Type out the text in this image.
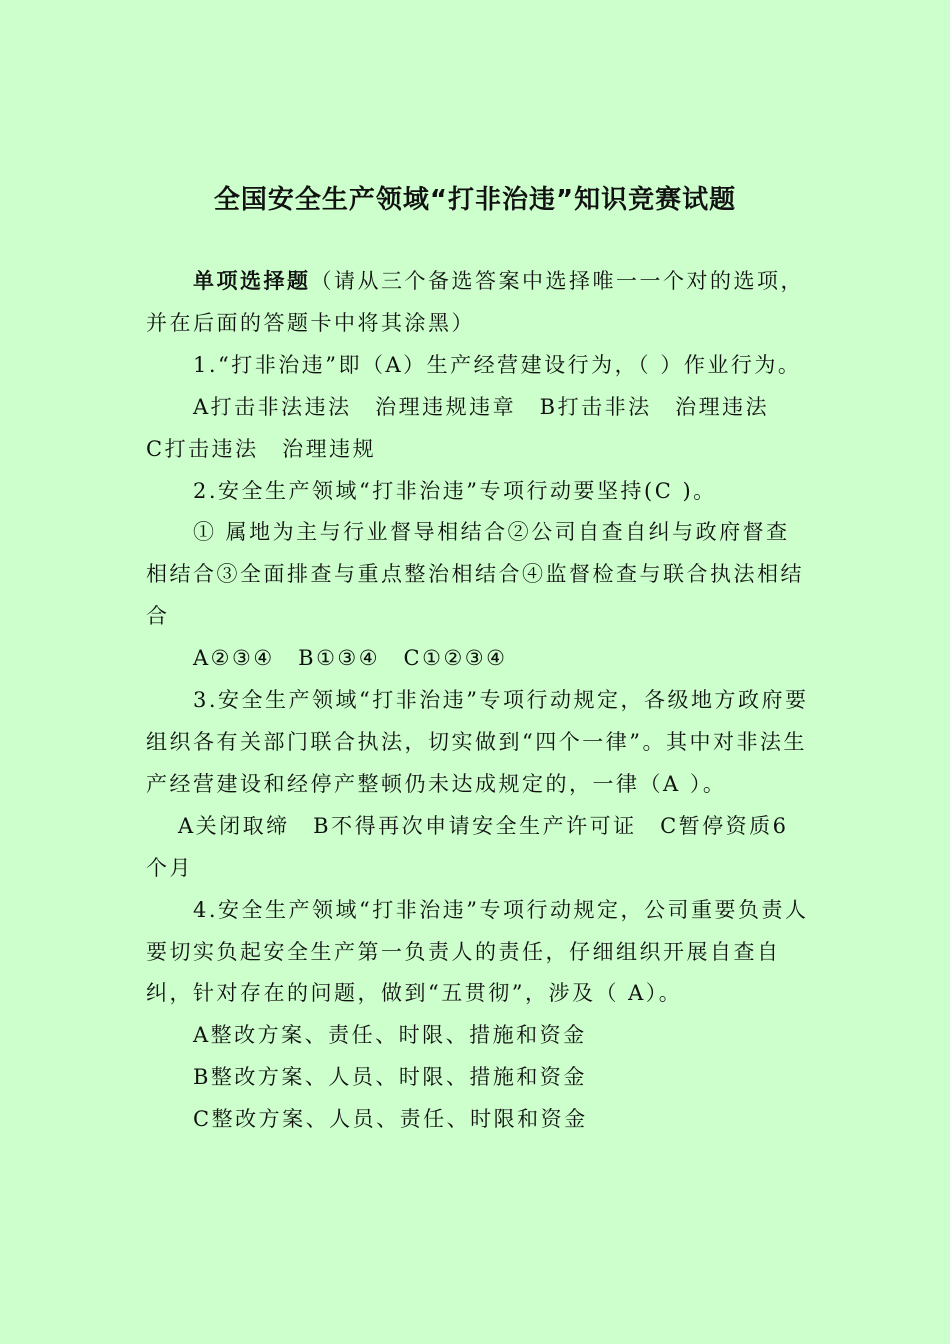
全国安全生产领域“打非治违”知识竞赛试题

单项选择题（请从三个备选答案中选择唯一一个对的选项，并在后面的答题卡中将其涂黑）

1.“打非治违”即（A）生产经营建设行为，（ ）作业行为。

A打击非法违法　治理违规违章　B打击非法　治理违法

C打击违法　治理违规

2.安全生产领域“打非治违”专项行动要坚持(C )。

① 属地为主与行业督导相结合②公司自查自纠与政府督查相结合③全面排查与重点整治相结合④监督检查与联合执法相结合

A②③④　B①③④　C①②③④

3.安全生产领域“打非治违”专项行动规定，各级地方政府要组织各有关部门联合执法，切实做到“四个一律”。其中对非法生产经营建设和经停产整顿仍未达成规定的，一律（A ）。

A关闭取缔　B不得再次申请安全生产许可证　C暂停资质6个月

4.安全生产领域“打非治违”专项行动规定，公司重要负责人要切实负起安全生产第一负责人的责任，仔细组织开展自查自纠，针对存在的问题，做到“五贯彻”，涉及（ A）。

A整改方案、责任、时限、措施和资金

B整改方案、人员、时限、措施和资金

C整改方案、人员、责任、时限和资金
